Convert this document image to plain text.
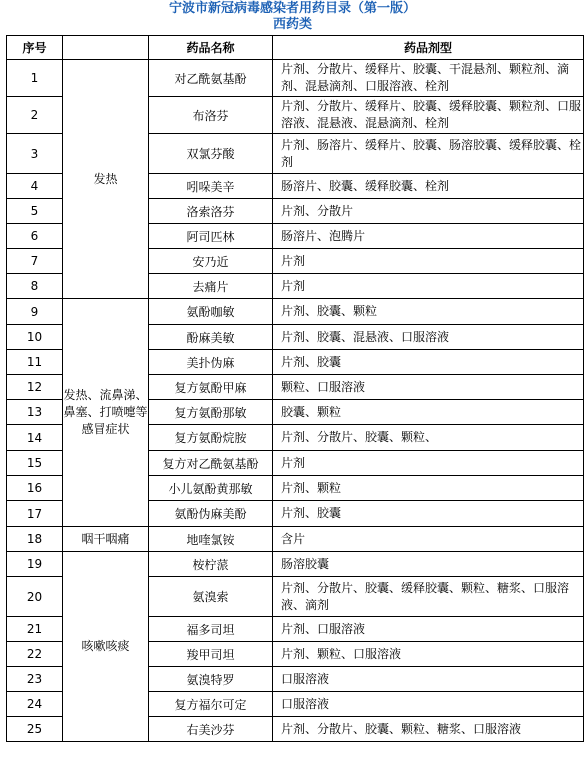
宁波市新冠病毒感染者用药目录（第一版）
西药类
序号		药品名称	药品剂型
1	发热	对乙酰氨基酚	片剂、分散片、缓释片、胶囊、干混悬剂、颗粒剂、滴剂、混悬滴剂、口服溶液、栓剂
2		布洛芬	片剂、分散片、缓释片、胶囊、缓释胶囊、颗粒剂、口服溶液、混悬液、混悬滴剂、栓剂
3		双氯芬酸	片剂、肠溶片、缓释片、胶囊、肠溶胶囊、缓释胶囊、栓剂
4		吲哚美辛	肠溶片、胶囊、缓释胶囊、栓剂
5		洛索洛芬	片剂、分散片
6		阿司匹林	肠溶片、泡腾片
7		安乃近	片剂
8		去痛片	片剂
9	发热、流鼻涕、鼻塞、打喷嚏等感冒症状	氨酚咖敏	片剂、胶囊、颗粒
10		酚麻美敏	片剂、胶囊、混悬液、口服溶液
11		美扑伪麻	片剂、胶囊
12		复方氨酚甲麻	颗粒、口服溶液
13		复方氨酚那敏	胶囊、颗粒
14		复方氨酚烷胺	片剂、分散片、胶囊、颗粒、
15		复方对乙酰氨基酚	片剂
16		小儿氨酚黄那敏	片剂、颗粒
17		氨酚伪麻美酚	片剂、胶囊
18	咽干咽痛	地喹氯铵	含片
19	咳嗽咳痰	桉柠蒎	肠溶胶囊
20		氨溴索	片剂、分散片、胶囊、缓释胶囊、颗粒、糖浆、口服溶液、滴剂
21		福多司坦	片剂、口服溶液
22		羧甲司坦	片剂、颗粒、口服溶液
23		氨溴特罗	口服溶液
24		复方福尔可定	口服溶液
25		右美沙芬	片剂、分散片、胶囊、颗粒、糖浆、口服溶液
